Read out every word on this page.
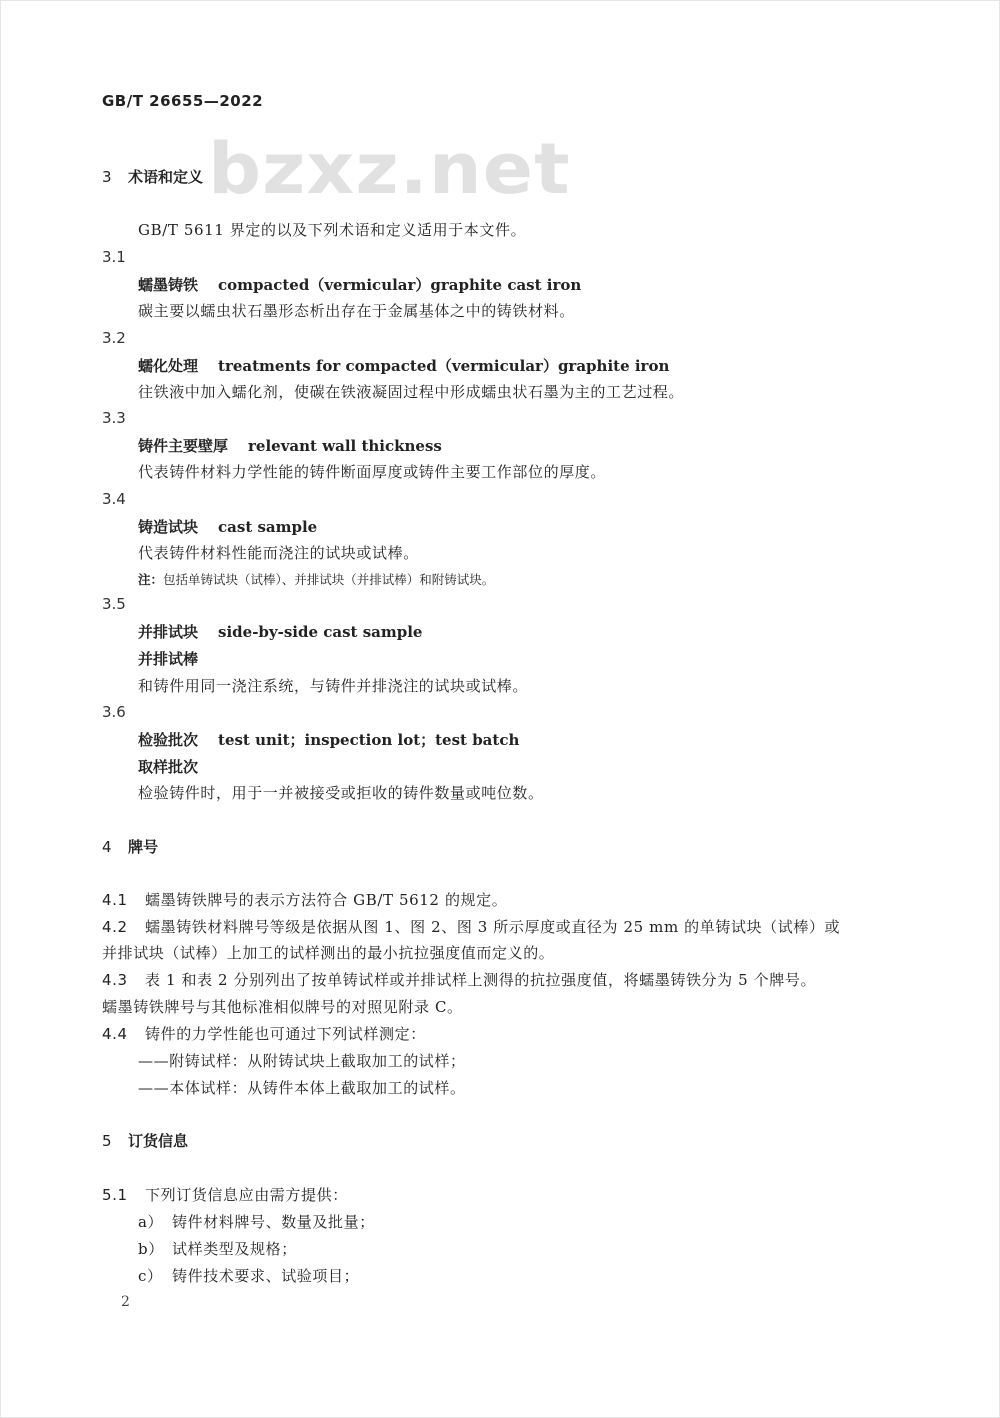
bzxz.net
GB/T 26655—2022
3 术语和定义
GB/T 5611 界定的以及下列术语和定义适用于本文件。
3.1
蠕墨铸铁 compacted（vermicular）graphite cast iron
碳主要以蠕虫状石墨形态析出存在于金属基体之中的铸铁材料。
3.2
蠕化处理 treatments for compacted（vermicular）graphite iron
往铁液中加入蠕化剂，使碳在铁液凝固过程中形成蠕虫状石墨为主的工艺过程。
3.3
铸件主要壁厚 relevant wall thickness
代表铸件材料力学性能的铸件断面厚度或铸件主要工作部位的厚度。
3.4
铸造试块 cast sample
代表铸件材料性能而浇注的试块或试棒。
注：包括单铸试块（试棒）、并排试块（并排试棒）和附铸试块。
3.5
并排试块 side-by-side cast sample
并排试棒
和铸件用同一浇注系统，与铸件并排浇注的试块或试棒。
3.6
检验批次 test unit；inspection lot；test batch
取样批次
检验铸件时，用于一并被接受或拒收的铸件数量或吨位数。
4 牌号
4.1 蠕墨铸铁牌号的表示方法符合 GB/T 5612 的规定。
4.2 蠕墨铸铁材料牌号等级是依据从图 1、图 2、图 3 所示厚度或直径为 25 mm 的单铸试块（试棒）或
并排试块（试棒）上加工的试样测出的最小抗拉强度值而定义的。
4.3 表 1 和表 2 分别列出了按单铸试样或并排试样上测得的抗拉强度值，将蠕墨铸铁分为 5 个牌号。
蠕墨铸铁牌号与其他标准相似牌号的对照见附录 C。
4.4 铸件的力学性能也可通过下列试样测定：
——附铸试样：从附铸试块上截取加工的试样；
——本体试样：从铸件本体上截取加工的试样。
5 订货信息
5.1 下列订货信息应由需方提供：
a） 铸件材料牌号、数量及批量；
b） 试样类型及规格；
c） 铸件技术要求、试验项目；
2
